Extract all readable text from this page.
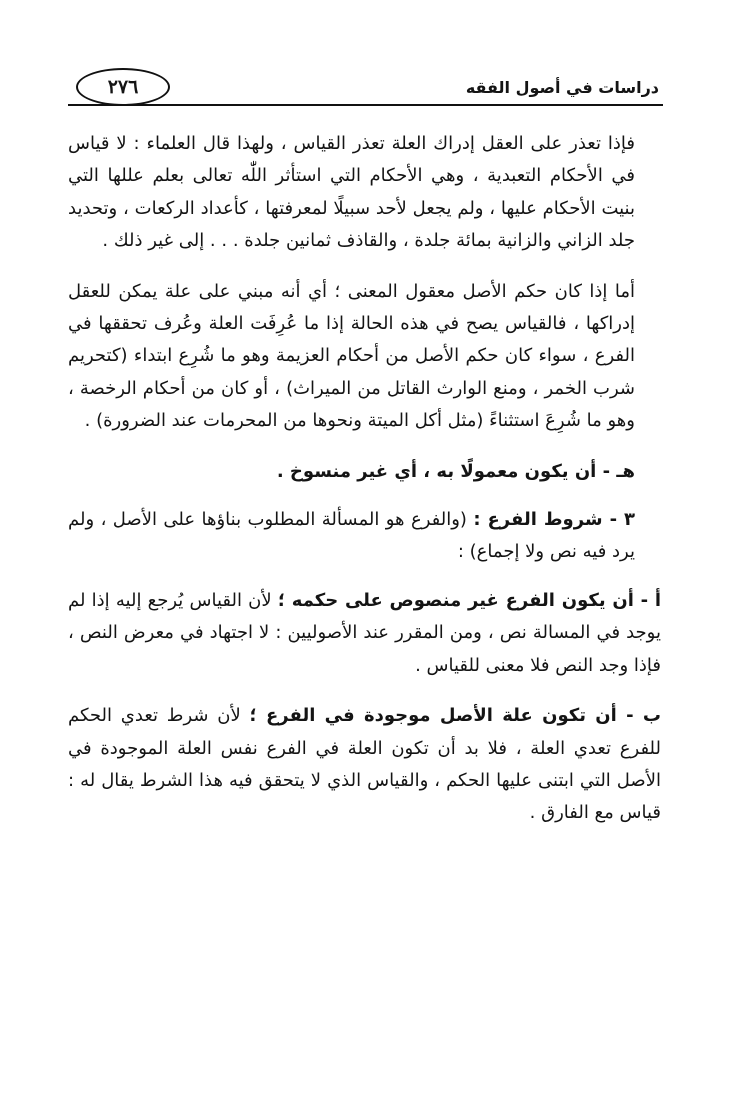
٢٧٦	دراسات في أصول الفقه

فإذا تعذر على العقل إدراك العلة تعذر القياس ، ولهذا قال العلماء : لا قياس في الأحكام التعبدية ، وهي الأحكام التي استأثر اللّٰه تعالى بعلم عللها التي بنيت الأحكام عليها ، ولم يجعل لأحد سبيلًا لمعرفتها ، كأعداد الركعات ، وتحديد جلد الزاني والزانية بمائة جلدة ، والقاذف ثمانين جلدة . . . إلى غير ذلك .

أما إذا كان حكم الأصل معقول المعنى ؛ أي أنه مبني على علة يمكن للعقل إدراكها ، فالقياس يصح في هذه الحالة إذا ما عُرِفَت العلة وعُرف تحققها في الفرع ، سواء كان حكم الأصل من أحكام العزيمة وهو ما شُرِع ابتداء (كتحريم شرب الخمر ، ومنع الوارث القاتل من الميراث) ، أو كان من أحكام الرخصة ، وهو ما شُرِعَ استثناءً (مثل أكل الميتة ونحوها من المحرمات عند الضرورة) .

هـ - أن يكون معمولًا به ، أي غير منسوخ .

٣ - شروط الفرع : (والفرع هو المسألة المطلوب بناؤها على الأصل ، ولم يرد فيه نص ولا إجماع) :

أ - أن يكون الفرع غير منصوص على حكمه ؛ لأن القياس يُرجع إليه إذا لم يوجد في المسالة نص ، ومن المقرر عند الأصوليين : لا اجتهاد في معرض النص ، فإذا وجد النص فلا معنى للقياس .

ب - أن تكون علة الأصل موجودة في الفرع ؛ لأن شرط تعدي الحكم للفرع تعدي العلة ، فلا بد أن تكون العلة في الفرع نفس العلة الموجودة في الأصل التي ابتنى عليها الحكم ، والقياس الذي لا يتحقق فيه هذا الشرط يقال له : قياس مع الفارق .
